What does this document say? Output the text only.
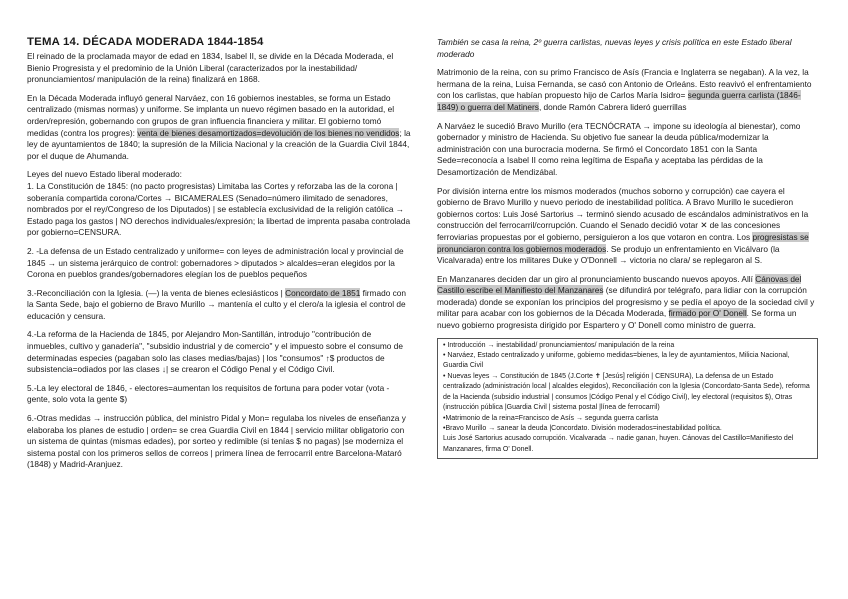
TEMA 14. DÉCADA MODERADA 1844-1854

El reinado de la proclamada mayor de edad en 1834, Isabel II, se divide en la Década Moderada, el Bienio Progresista y el predominio de la Unión Liberal (caracterizados por la inestabilidad/ pronunciamientos/ manipulación de la reina) finalizará en 1868.

En la Década Moderada influyó general Narváez, con 16 gobiernos inestables, se forma un Estado centralizado (mismas normas) y uniforme. Se implanta un nuevo régimen basado en la autoridad, el orden/represión, gobernando con grupos de gran influencia financiera y militar. El gobierno tomó medidas (contra los progres): venta de bienes desamortizados=devolución de los bienes no vendidos; la ley de ayuntamientos de 1840; la supresión de la Milicia Nacional y la creación de la Guardia Civil 1844, por el duque de Ahumanda.

Leyes del nuevo Estado liberal moderado:

1. La Constitución de 1845: (no pacto progresistas) Limitaba las Cortes y reforzaba las de la corona | soberanía compartida corona/Cortes → BICAMERALES (Senado=número ilimitado de senadores, nombrados por el rey/Congreso de los Diputados) | se establecía exclusividad de la religión católica → Estado paga los gastos | NO derechos individuales/expresión; la libertad de imprenta pasaba controlada por gobierno=CENSURA.

2. -La defensa de un Estado centralizado y uniforme= con leyes de administración local y provincial de 1845 → un sistema jerárquico de control: gobernadores > diputados > alcaldes=eran elegidos por la Corona en pueblos grandes/gobernadores elegían los de pueblos pequeños

3.-Reconciliación con la Iglesia. (—) la venta de bienes eclesiásticos | Concordato de 1851 firmado con la Santa Sede, bajo el gobierno de Bravo Murillo → mantenía el culto y el clero/a la iglesia el control de educación y censura.

4.-La reforma de la Hacienda de 1845, por Alejandro Mon-Santillán, introdujo "contribución de inmuebles, cultivo y ganadería", "subsidio industrial y de comercio" y el impuesto sobre el consumo de determinadas especies (pagaban solo las clases medias/bajas) | los "consumos" ↑$ productos de subsistencia=odiados por las clases ↓| se crearon el Código Penal y el Código Civil.

5.-La ley electoral de 1846, - electores=aumentan los requisitos de fortuna para poder votar (vota - gente, solo vota la gente $)

6.-Otras medidas → instrucción pública, del ministro Pidal y Mon= regulaba los niveles de enseñanza y elaboraba los planes de estudio | orden= se crea Guardia Civil en 1844 | servicio militar obligatorio con un sistema de quintas (mismas edades), por sorteo y redimible (si tenías $ no pagas) |se moderniza el sistema postal con los primeros sellos de correos | primera línea de ferrocarril entre Barcelona-Mataró (1848) y Madrid-Aranjuez.

También se casa la reina, 2º guerra carlistas, nuevas leyes y crisis política en este Estado liberal moderado

Matrimonio de la reina, con su primo Francisco de Asís (Francia e Inglaterra se negaban). A la vez, la hermana de la reina, Luisa Fernanda, se casó con Antonio de Orleáns. Esto reavivó el enfrentamiento con los carlistas, que habían propuesto hijo de Carlos María Isidro= segunda guerra carlista (1846-1849) o guerra del Matiners, donde Ramón Cabrera lideró guerrillas

A Narváez le sucedió Bravo Murillo (era TECNÓCRATA → impone su ideología al bienestar), como gobernador y ministro de Hacienda. Su objetivo fue sanear la deuda pública/modernizar la administración con una burocracia moderna. Se firmó el Concordato 1851 con la Santa Sede=reconocía a Isabel II como reina legítima de España y aceptaba las pérdidas de la Desamortización de Mendizábal.

Por división interna entre los mismos moderados (muchos soborno y corrupción) cae cayera el gobierno de Bravo Murillo y nuevo periodo de inestabilidad política. A Bravo Murillo le sucedieron gobiernos cortos: Luis José Sartorius → terminó siendo acusado de escándalos administrativos en la construcción del ferrocarril/corrupción. Cuando el Senado decidió votar ✕ de las concesiones ferroviarias propuestas por el gobierno, persiguieron a los que votaron en contra. Los progresistas se pronunciaron contra los gobiernos moderados. Se produjo un enfrentamiento en Vicálvaro (la Vicalvarada) entre los militares Duke y O'Donnell → victoria no clara/ se replegaron al S.

En Manzanares deciden dar un giro al pronunciamiento buscando nuevos apoyos. Allí Cánovas del Castillo escribe el Manifiesto del Manzanares (se difundirá por telégrafo, para lidiar con la corrupción moderada) donde se exponían los principios del progresismo y se pedía el apoyo de la sociedad civil y militar para acabar con los gobiernos de la Década Moderada, firmado por O' Donell. Se forma un nuevo gobierno progresista dirigido por Espartero y O' Donell como ministro de guerra.

• Introducción → inestabilidad/ pronunciamientos/ manipulación de la reina

• Narváez, Estado centralizado y uniforme, gobierno medidas=bienes, la ley de ayuntamientos, Milicia Nacional, Guardia Civil

• Nuevas leyes → Constitución de 1845 (J.Corte ✝ [Jesús] religión | CENSURA), La defensa de un Estado centralizado (administración local | alcaldes elegidos), Reconciliación con la Iglesia (Concordato-Santa Sede), reforma de la Hacienda (subsidio industrial | consumos |Código Penal y el Código Civil), ley electoral (requisitos $), Otras (instrucción pública |Guardia Civil | sistema postal |línea de ferrocarril)

•Matrimonio de la reina=Francisco de Asís → segunda guerra carlista

•Bravo Murillo → sanear la deuda |Concordato. División moderados=inestabilidad política.

Luis José Sartorius acusado corrupción. Vicalvarada → nadie ganan, huyen. Cánovas del Castillo=Manifiesto del Manzanares, firma O' Donell.
